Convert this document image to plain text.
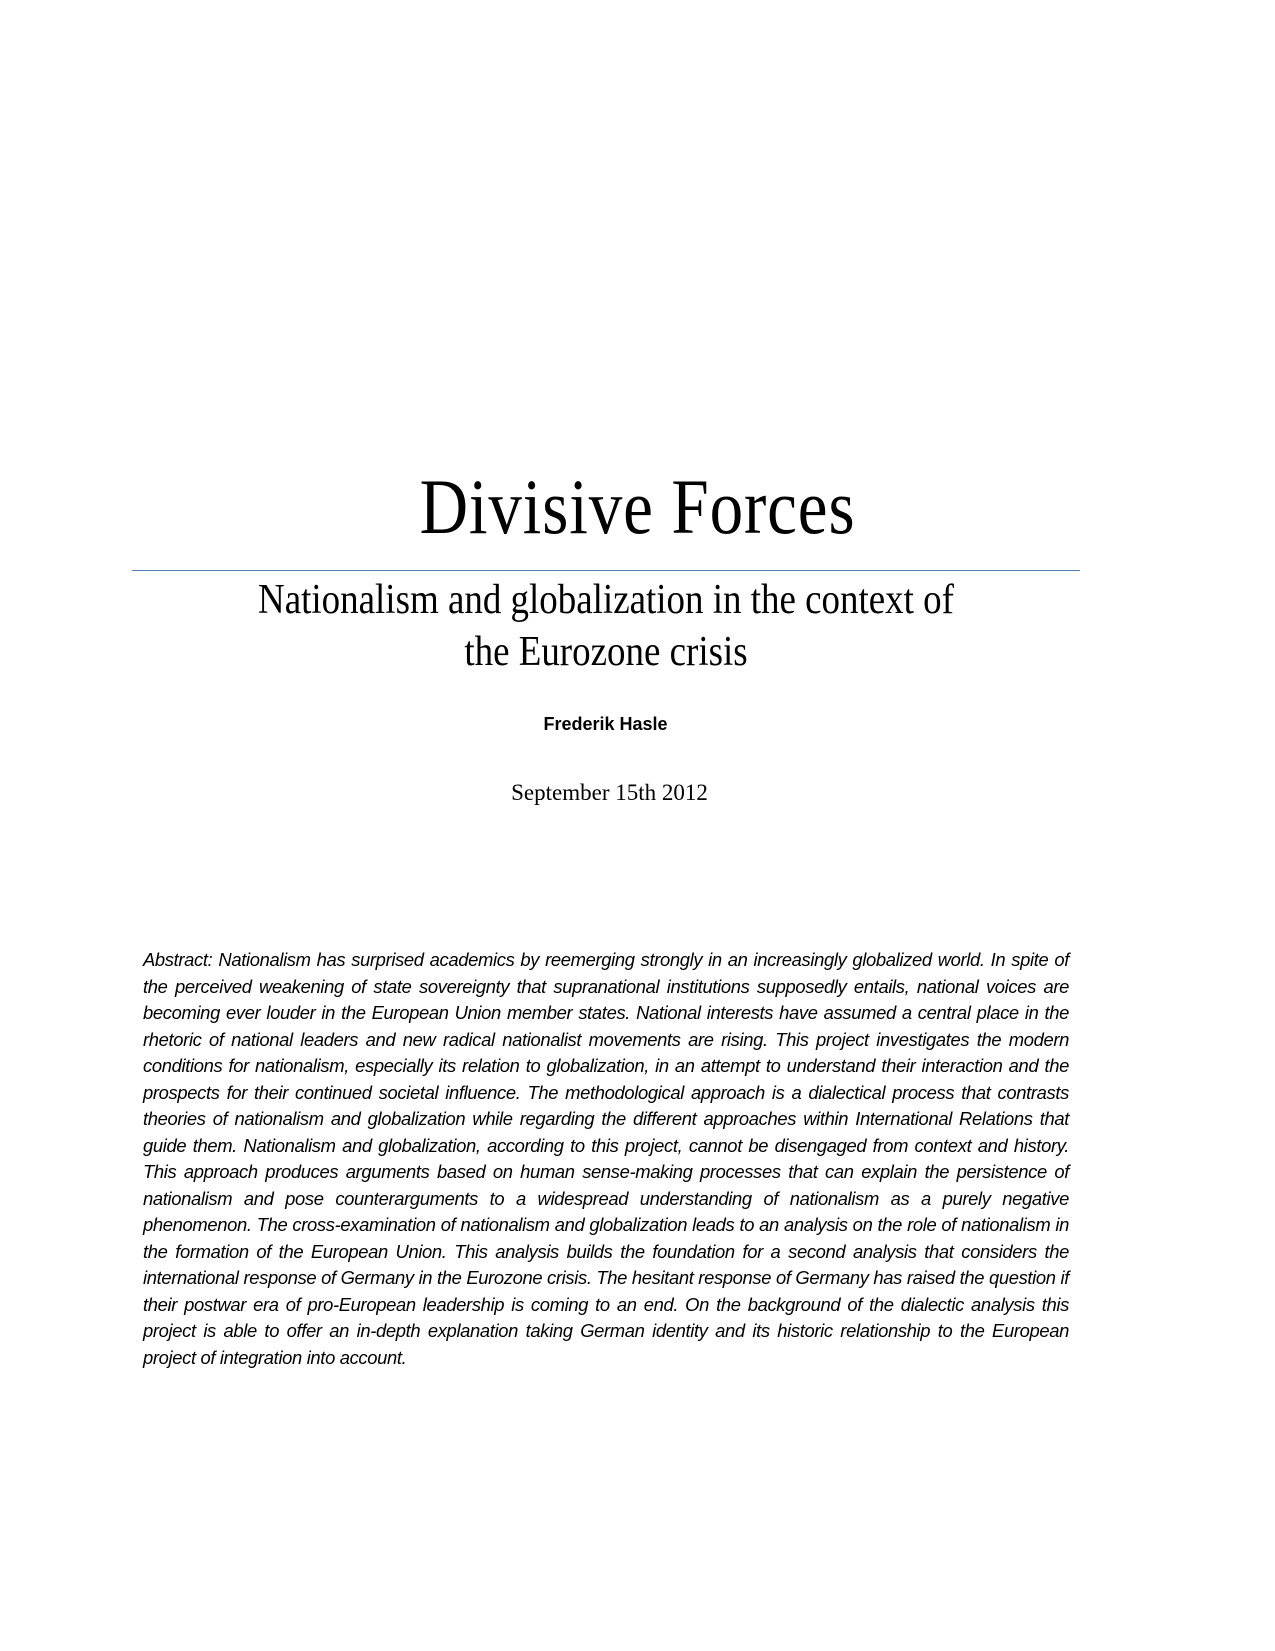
Divisive Forces
Nationalism and globalization in the context of
the Eurozone crisis
Frederik Hasle
September 15th 2012
Abstract: Nationalism has surprised academics by reemerging strongly in an increasingly globalized world. In spite of the perceived weakening of state sovereignty that supranational institutions supposedly entails, national voices are becoming ever louder in the European Union member states. National interests have assumed a central place in the rhetoric of national leaders and new radical nationalist movements are rising. This project investigates the modern conditions for nationalism, especially its relation to globalization, in an attempt to understand their interaction and the prospects for their continued societal influence. The methodological approach is a dialectical process that contrasts theories of nationalism and globalization while regarding the different approaches within International Relations that guide them. Nationalism and globalization, according to this project, cannot be disengaged from context and history. This approach produces arguments based on human sense-making processes that can explain the persistence of nationalism and pose counterarguments to a widespread understanding of nationalism as a purely negative phenomenon. The cross-examination of nationalism and globalization leads to an analysis on the role of nationalism in the formation of the European Union. This analysis builds the foundation for a second analysis that considers the international response of Germany in the Eurozone crisis. The hesitant response of Germany has raised the question if their postwar era of pro-European leadership is coming to an end. On the background of the dialectic analysis this project is able to offer an in-depth explanation taking German identity and its historic relationship to the European project of integration into account.
